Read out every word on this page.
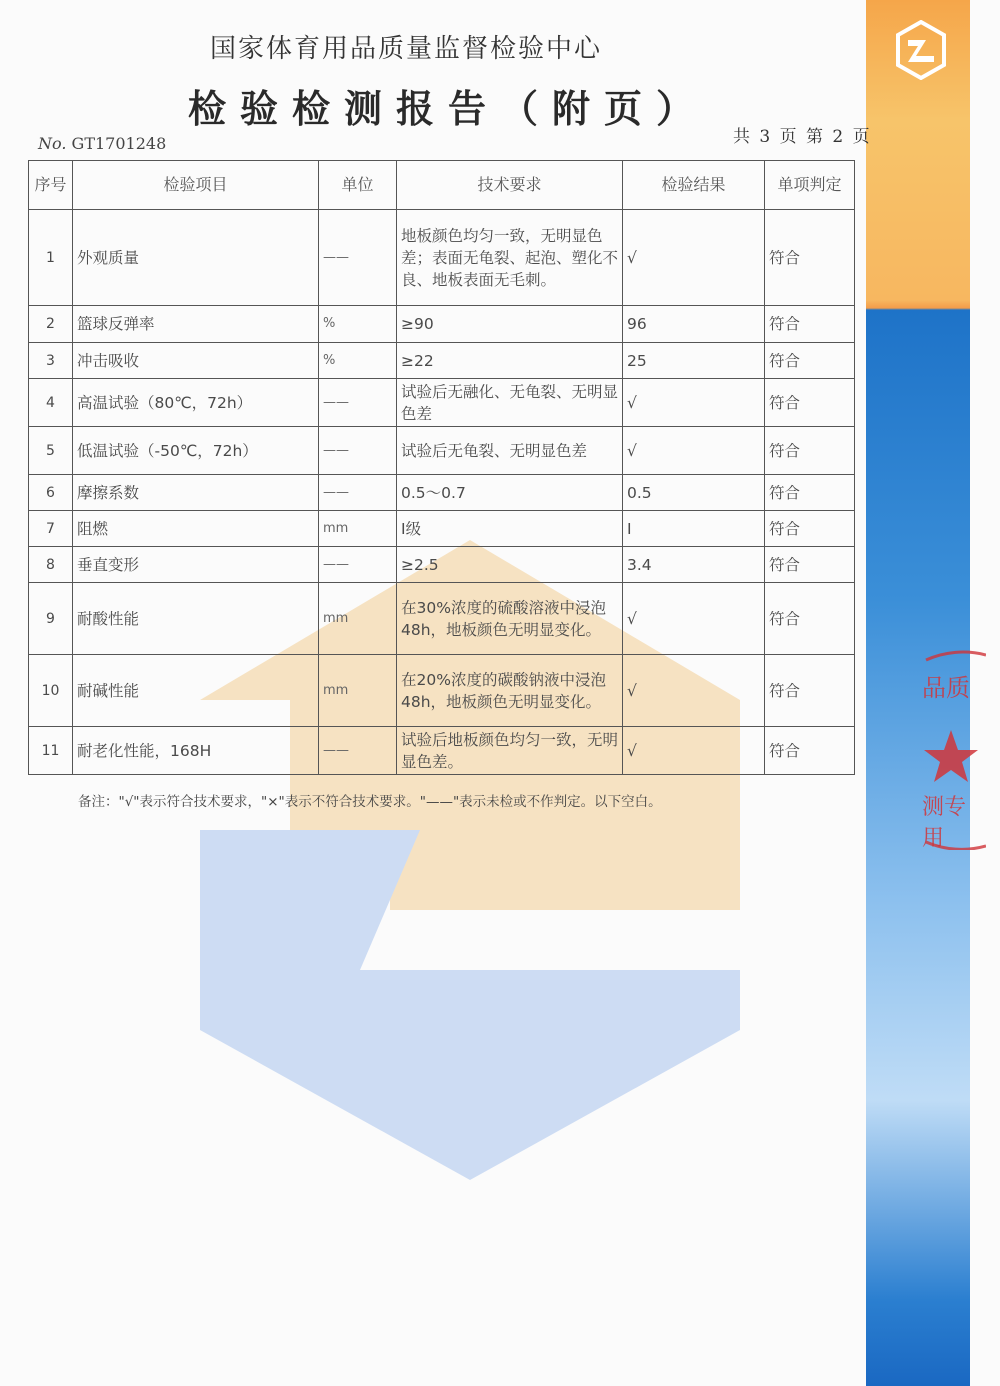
品质
测专用
国家体育用品质量监督检验中心
检验检测报告（附页）
No. GT1701248	共 3 页 第 2 页
序号	检验项目	单位	技术要求	检验结果	单项判定
1	外观质量	——	地板颜色均匀一致，无明显色差；表面无龟裂、起泡、塑化不良、地板表面无毛刺。	√	符合
2	篮球反弹率	%	≥90	96	符合
3	冲击吸收	%	≥22	25	符合
4	高温试验（80℃，72h）	——	试验后无融化、无龟裂、无明显色差	√	符合
5	低温试验（-50℃，72h）	——	试验后无龟裂、无明显色差	√	符合
6	摩擦系数	——	0.5～0.7	0.5	符合
7	阻燃	mm	I级	I	符合
8	垂直变形	——	≥2.5	3.4	符合
9	耐酸性能	mm	在30%浓度的硫酸溶液中浸泡48h，地板颜色无明显变化。	√	符合
10	耐碱性能	mm	在20%浓度的碳酸钠液中浸泡48h，地板颜色无明显变化。	√	符合
11	耐老化性能，168H	——	试验后地板颜色均匀一致，无明显色差。	√	符合
备注："√"表示符合技术要求，"×"表示不符合技术要求。"——"表示未检或不作判定。以下空白。
